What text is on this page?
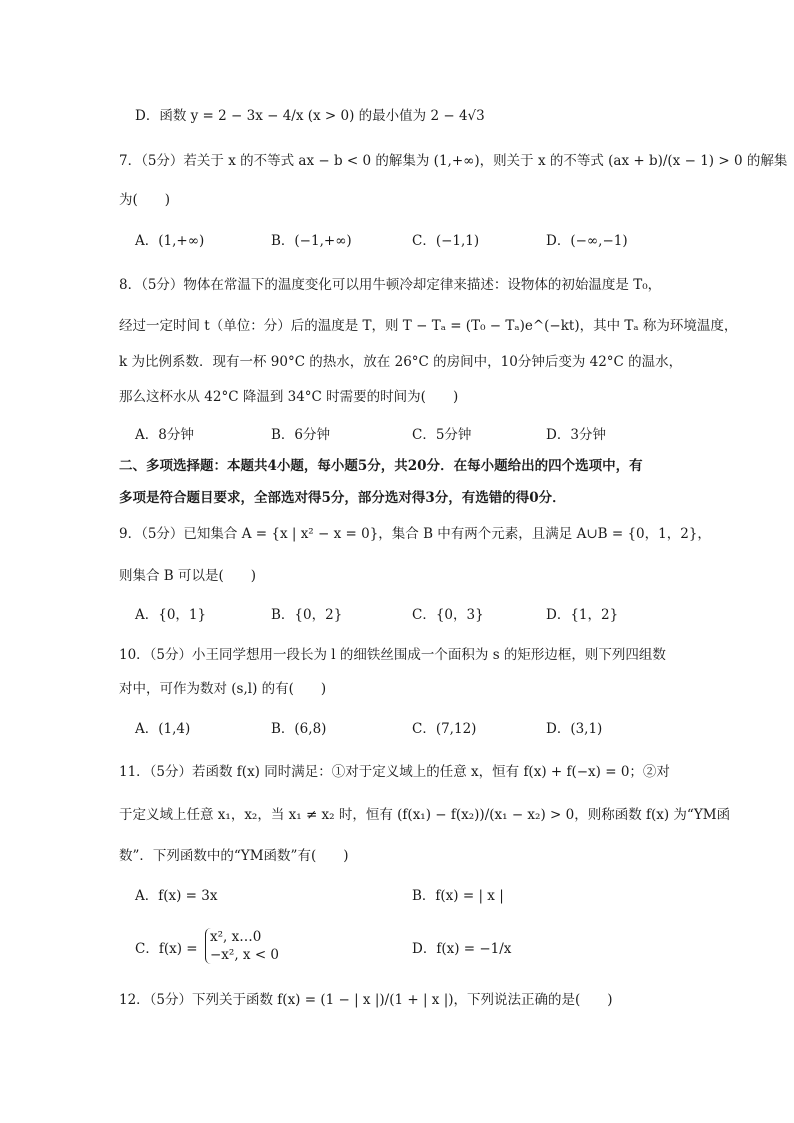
D．函数 y = 2 − 3x − 4/x (x > 0) 的最小值为 2 − 4√3
7．（5分）若关于 x 的不等式 ax − b < 0 的解集为 (1,+∞)，则关于 x 的不等式 (ax + b)/(x − 1) > 0 的解集
为(　　)
A．(1,+∞)	B．(−1,+∞)	C．(−1,1)	D．(−∞,−1)
8．（5分）物体在常温下的温度变化可以用牛顿冷却定律来描述：设物体的初始温度是 T₀，
经过一定时间 t（单位：分）后的温度是 T，则 T − Tₐ = (T₀ − Tₐ)e^(−kt)，其中 Tₐ 称为环境温度，
k 为比例系数．现有一杯 90°C 的热水，放在 26°C 的房间中，10分钟后变为 42°C 的温水，
那么这杯水从 42°C 降温到 34°C 时需要的时间为(　　)
A．8分钟	B．6分钟	C．5分钟	D．3分钟
二、多项选择题：本题共4小题，每小题5分，共20分．在每小题给出的四个选项中，有
多项是符合题目要求，全部选对得5分，部分选对得3分，有选错的得0分．
9．（5分）已知集合 A = {x | x² − x = 0}，集合 B 中有两个元素，且满足 A∪B = {0，1，2}，
则集合 B 可以是(　　)
A．{0，1}	B．{0，2}	C．{0，3}	D．{1，2}
10．（5分）小王同学想用一段长为 l 的细铁丝围成一个面积为 s 的矩形边框，则下列四组数
对中，可作为数对 (s,l) 的有(　　)
A．(1,4)	B．(6,8)	C．(7,12)	D．(3,1)
11．（5分）若函数 f(x) 同时满足：①对于定义域上的任意 x，恒有 f(x) + f(−x) = 0；②对
于定义域上任意 x₁，x₂，当 x₁ ≠ x₂ 时，恒有 (f(x₁) − f(x₂))/(x₁ − x₂) > 0，则称函数 f(x) 为“YM函
数”．下列函数中的“YM函数”有(　　)
A．f(x) = 3x	B．f(x) = | x |
C．f(x) =
x², x…0
−x², x < 0	D．f(x) = −1/x
12．（5分）下列关于函数 f(x) = (1 − | x |)/(1 + | x |)，下列说法正确的是(　　)
